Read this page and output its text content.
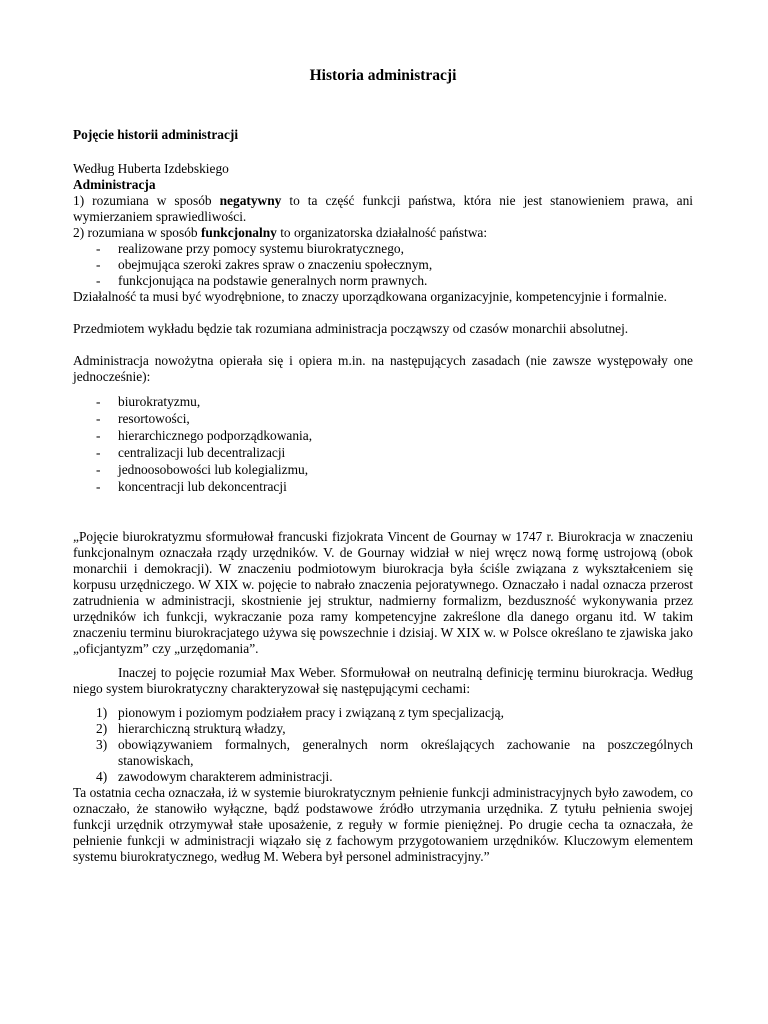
Historia administracji
Pojęcie historii administracji
Według Huberta Izdebskiego
Administracja

1) rozumiana w sposób negatywny to ta część funkcji państwa, która nie jest stanowieniem prawa, ani wymierzaniem sprawiedliwości.

2) rozumiana w sposób funkcjonalny to organizatorska działalność państwa:

- realizowane przy pomocy systemu biurokratycznego,
- obejmująca szeroki zakres spraw o znaczeniu społecznym,
- funkcjonująca na podstawie generalnych norm prawnych.

Działalność ta musi być wyodrębnione, to znaczy uporządkowana organizacyjnie, kompetencyjnie i formalnie.

Przedmiotem wykładu będzie tak rozumiana administracja począwszy od czasów monarchii absolutnej.

Administracja nowożytna opierała się i opiera m.in. na następujących zasadach (nie zawsze występowały one jednocześnie):

- biurokratyzmu,
- resortowości,
- hierarchicznego podporządkowania,
- centralizacji lub decentralizacji
- jednoosobowości lub kolegializmu,
- koncentracji lub dekoncentracji

„Pojęcie biurokratyzmu sformułował francuski fizjokrata Vincent de Gournay w 1747 r. Biurokracja w znaczeniu funkcjonalnym oznaczała rządy urzędników. V. de Gournay widział w niej wręcz nową formę ustrojową (obok monarchii i demokracji). W znaczeniu podmiotowym biurokracja była ściśle związana z wykształceniem się korpusu urzędniczego. W XIX w. pojęcie to nabrało znaczenia pejoratywnego. Oznaczało i nadal oznacza przerost zatrudnienia w administracji, skostnienie jej struktur, nadmierny formalizm, bezduszność wykonywania przez urzędników ich funkcji, wykraczanie poza ramy kompetencyjne zakreślone dla danego organu itd. W takim znaczeniu terminu biurokracjatego używa się powszechnie i dzisiaj. W XIX w. w Polsce określano te zjawiska jako „oficjantyzm” czy „urzędomania”.

Inaczej to pojęcie rozumiał Max Weber. Sformułował on neutralną definicję terminu biurokracja. Według niego system biurokratyczny charakteryzował się następującymi cechami:

1) pionowym i poziomym podziałem pracy i związaną z tym specjalizacją,
2) hierarchiczną strukturą władzy,
3) obowiązywaniem formalnych, generalnych norm określających zachowanie na poszczególnych stanowiskach,
4) zawodowym charakterem administracji.

Ta ostatnia cecha oznaczała, iż w systemie biurokratycznym pełnienie funkcji administracyjnych było zawodem, co oznaczało, że stanowiło wyłączne, bądź podstawowe źródło utrzymania urzędnika. Z tytułu pełnienia swojej funkcji urzędnik otrzymywał stałe uposażenie, z reguły w formie pieniężnej. Po drugie cecha ta oznaczała, że pełnienie funkcji w administracji wiązało się z fachowym przygotowaniem urzędników. Kluczowym elementem systemu biurokratycznego, według M. Webera był personel administracyjny.”
